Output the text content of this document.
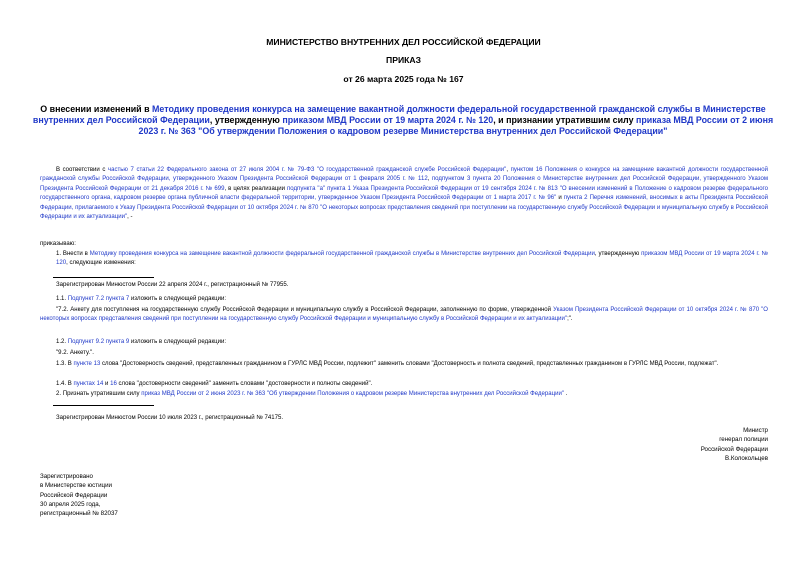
МИНИСТЕРСТВО ВНУТРЕННИХ ДЕЛ РОССИЙСКОЙ ФЕДЕРАЦИИ
ПРИКАЗ
от 26 марта 2025 года № 167
О внесении изменений в Методику проведения конкурса на замещение вакантной должности федеральной государственной гражданской службы в Министерстве внутренних дел Российской Федерации, утвержденную приказом МВД России от 19 марта 2024 г. № 120, и признании утратившим силу приказа МВД России от 2 июня 2023 г. № 363 "Об утверждении Положения о кадровом резерве Министерства внутренних дел Российской Федерации"
В соответствии с частью 7 статьи 22 Федерального закона от 27 июля 2004 г. № 79-ФЗ "О государственной гражданской службе Российской Федерации", пунктом 16 Положения о конкурсе на замещение вакантной должности государственной гражданской службы Российской Федерации, утвержденного Указом Президента Российской Федерации от 1 февраля 2005 г. № 112, подпунктом 3 пункта 20 Положения о Министерстве внутренних дел Российской Федерации, утвержденного Указом Президента Российской Федерации от 21 декабря 2016 г. № 699, в целях реализации подпункта "а" пункта 1 Указа Президента Российской Федерации от 19 сентября 2024 г. № 813 "О внесении изменений в Положение о кадровом резерве федерального государственного органа, кадровом резерве органа публичной власти федеральной территории, утвержденное Указом Президента Российской Федерации от 1 марта 2017 г. № 96" и пункта 2 Перечня изменений, вносимых в акты Президента Российской Федерации, прилагаемого к Указу Президента Российской Федерации от 10 октября 2024 г. № 870 "О некоторых вопросах представления сведений при поступлении на государственную службу Российской Федерации и муниципальную службу в Российской Федерации и их актуализации", -
приказываю:
1. Внести в Методику проведения конкурса на замещение вакантной должности федеральной государственной гражданской службы в Министерстве внутренних дел Российской Федерации, утвержденную приказом МВД России от 19 марта 2024 г. № 120, следующие изменения:
Зарегистрирован Минюстом России 22 апреля 2024 г., регистрационный № 77955.
1.1. Подпункт 7.2 пункта 7 изложить в следующей редакции:
"7.2. Анкету для поступления на государственную службу Российской Федерации и муниципальную службу в Российской Федерации, заполненную по форме, утвержденной Указом Президента Российской Федерации от 10 октября 2024 г. № 870 "О некоторых вопросах представления сведений при поступлении на государственную службу Российской Федерации и муниципальную службу в Российской Федерации и их актуализации";".
1.2. Подпункт 9.2 пункта 9 изложить в следующей редакции:
"9.2. Анкету.".
1.3. В пункте 13 слова "Достоверность сведений, представленных гражданином в ГУРЛС МВД России, подлежит" заменить словами "Достоверность и полнота сведений, представленных гражданином в ГУРЛС МВД России, подлежат".
1.4. В пунктах 14 и 16 слова "достоверности сведений" заменить словами "достоверности и полноты сведений".
2. Признать утратившим силу приказ МВД России от 2 июня 2023 г. № 363 "Об утверждении Положения о кадровом резерве Министерства внутренних дел Российской Федерации" .
Зарегистрирован Минюстом России 10 июля 2023 г., регистрационный № 74175.
Министр
генерал полиции
Российской Федерации
В.Колокольцев
Зарегистрировано
в Министерстве юстиции
Российской Федерации
30 апреля 2025 года,
регистрационный № 82037
